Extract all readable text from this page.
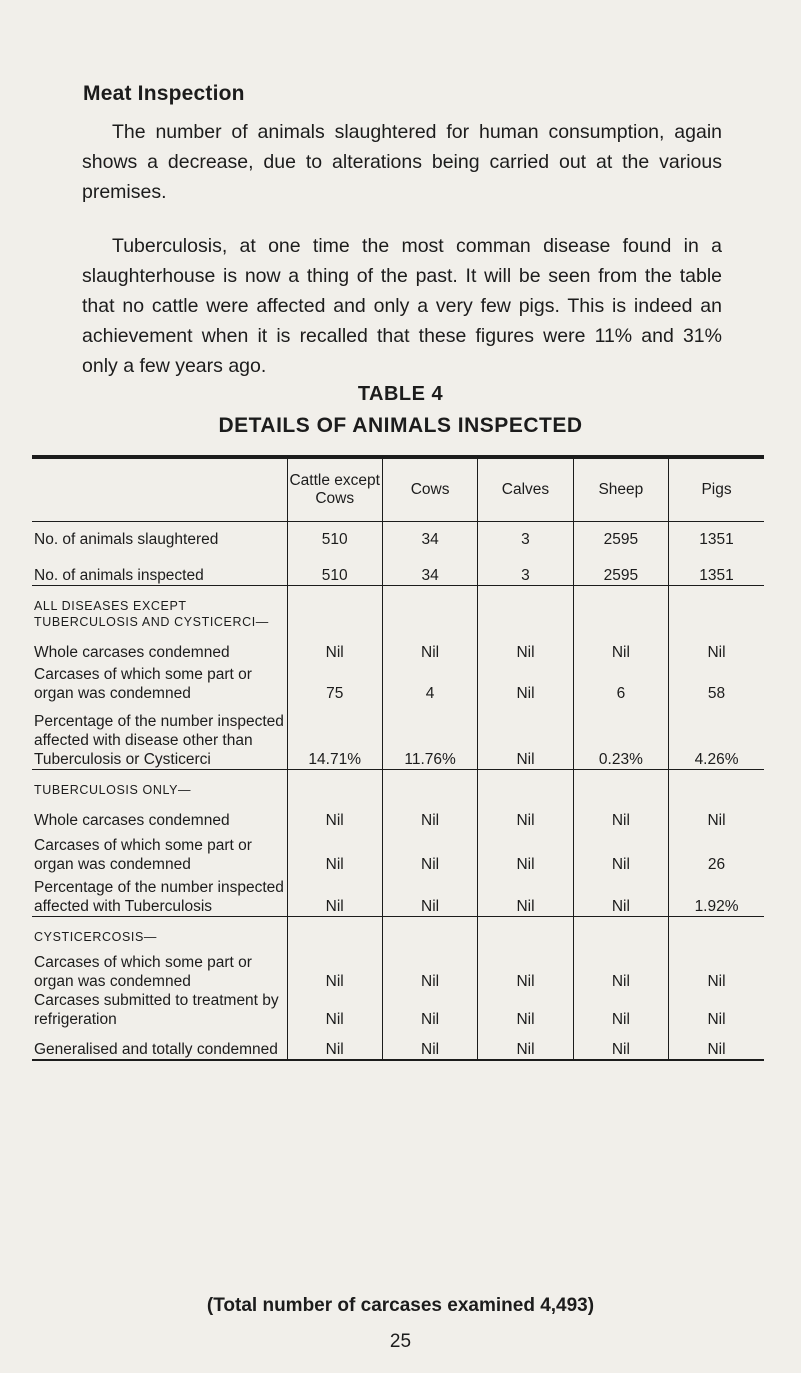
Meat Inspection

The number of animals slaughtered for human consumption, again shows a decrease, due to alterations being carried out at the various premises.

Tuberculosis, at one time the most comman disease found in a slaughterhouse is now a thing of the past. It will be seen from the table that no cattle were affected and only a very few pigs. This is indeed an achievement when it is recalled that these figures were 11% and 31% only a few years ago.

TABLE 4
DETAILS OF ANIMALS INSPECTED
	Cattle except Cows	Cows	Calves	Sheep	Pigs
No. of animals slaughtered	510	34	3	2595	1351
No. of animals inspected	510	34	3	2595	1351
ALL DISEASES EXCEPT TUBERCULOSIS AND CYSTICERCI—					
Whole carcases condemned	Nil	Nil	Nil	Nil	Nil
Carcases of which some part or organ was condemned	75	4	Nil	6	58
Percentage of the number inspected affected with disease other than Tuberculosis or Cysticerci	14.71%	11.76%	Nil	0.23%	4.26%
TUBERCULOSIS ONLY—					
Whole carcases condemned	Nil	Nil	Nil	Nil	Nil
Carcases of which some part or organ was condemned	Nil	Nil	Nil	Nil	26
Percentage of the number inspected affected with Tuberculosis	Nil	Nil	Nil	Nil	1.92%
CYSTICERCOSIS—					
Carcases of which some part or organ was condemned	Nil	Nil	Nil	Nil	Nil
Carcases submitted to treatment by refrigeration	Nil	Nil	Nil	Nil	Nil
Generalised and totally condemned	Nil	Nil	Nil	Nil	Nil
(Total number of carcases examined 4,493)
25
